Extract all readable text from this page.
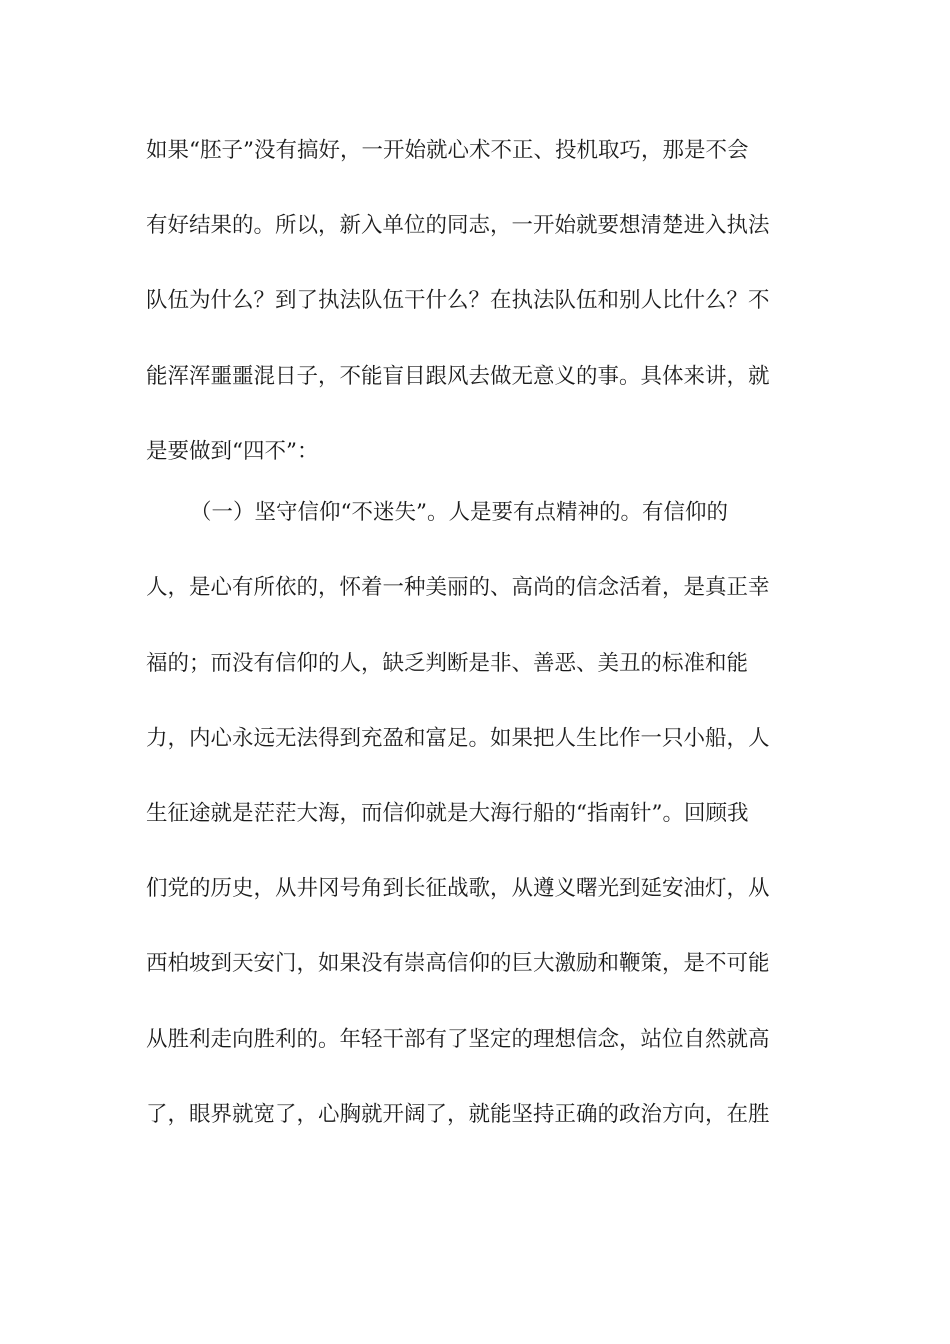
如果“胚子”没有搞好，一开始就心术不正、投机取巧，那是不会
有好结果的。所以，新入单位的同志，一开始就要想清楚进入执法
队伍为什么？到了执法队伍干什么？在执法队伍和别人比什么？不
能浑浑噩噩混日子，不能盲目跟风去做无意义的事。具体来讲，就
是要做到“四不”：
（一）坚守信仰“不迷失”。人是要有点精神的。有信仰的
人，是心有所依的，怀着一种美丽的、高尚的信念活着，是真正幸
福的；而没有信仰的人，缺乏判断是非、善恶、美丑的标准和能
力，内心永远无法得到充盈和富足。如果把人生比作一只小船，人
生征途就是茫茫大海，而信仰就是大海行船的“指南针”。回顾我
们党的历史，从井冈号角到长征战歌，从遵义曙光到延安油灯，从
西柏坡到天安门，如果没有崇高信仰的巨大激励和鞭策，是不可能
从胜利走向胜利的。年轻干部有了坚定的理想信念，站位自然就高
了，眼界就宽了，心胸就开阔了，就能坚持正确的政治方向，在胜
